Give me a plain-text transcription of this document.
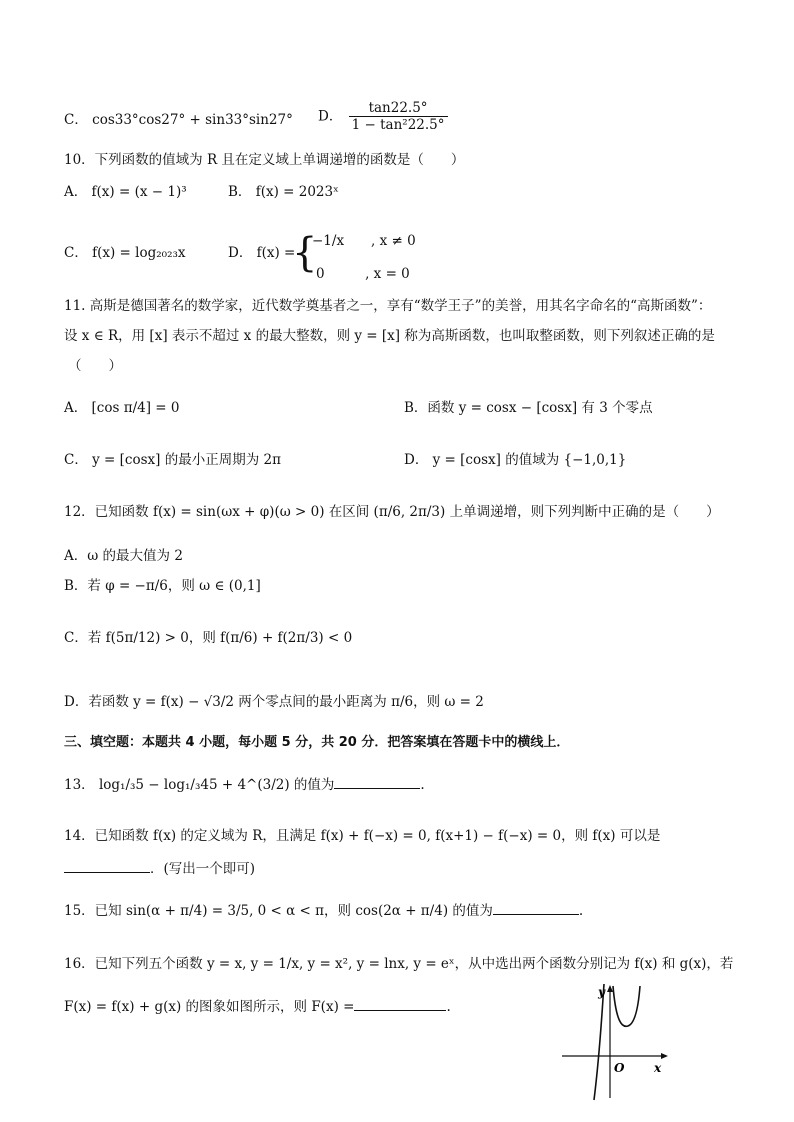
C． cos33°cos27° + sin33°sin27° D． $\frac{\tan 22.5^\circ}{\text{1 − tan²22.5°}}$
10．下列函数的值域为 R 且在定义域上单调递增的函数是（　　）
A． f(x) = (x − 1)³	B． f(x) = 2023ˣ
C． f(x) = log₂₀₂₃x	D． f(x) =
{
−1/x　　, x ≠ 0
0　　　, x = 0
11. 高斯是德国著名的数学家，近代数学奠基者之一，享有“数学王子”的美誉，用其名字命名的“高斯函数”：
设 x ∈ R，用 [x] 表示不超过 x 的最大整数，则 y = [x] 称为高斯函数，也叫取整函数，则下列叙述正确的是
（　　）
A． [cos π/4] = 0	B．函数 y = cosx − [cosx] 有 3 个零点
C． y = [cosx] 的最小正周期为 2π	D． y = [cosx] 的值域为 {−1,0,1}
12．已知函数 f(x) = sin(ωx + φ)(ω > 0) 在区间 (π/6, 2π/3) 上单调递增，则下列判断中正确的是（　　）
A．ω 的最大值为 2
B．若 φ = −π/6，则 ω ∈ (0,1]
C．若 f(5π/12) > 0，则 f(π/6) + f(2π/3) < 0
D．若函数 y = f(x) − √3/2 两个零点间的最小距离为 π/6，则 ω = 2
三、填空题：本题共 4 小题，每小题 5 分，共 20 分．把答案填在答题卡中的横线上．
13． log₁/₃5 − log₁/₃45 + 4^(3/2) 的值为	.
14．已知函数 f(x) 的定义域为 R，且满足 f(x) + f(−x) = 0, f(x+1) − f(−x) = 0，则 f(x) 可以是
．(写出一个即可)
15．已知 sin(α + π/4) = 3/5, 0 < α < π，则 cos(2α + π/4) 的值为	.
16．已知下列五个函数 y = x, y = 1/x, y = x², y = lnx, y = eˣ，从中选出两个函数分别记为 f(x) 和 g(x)，若
F(x) = f(x) + g(x) 的图象如图所示，则 F(x) =	.
y
x
O
